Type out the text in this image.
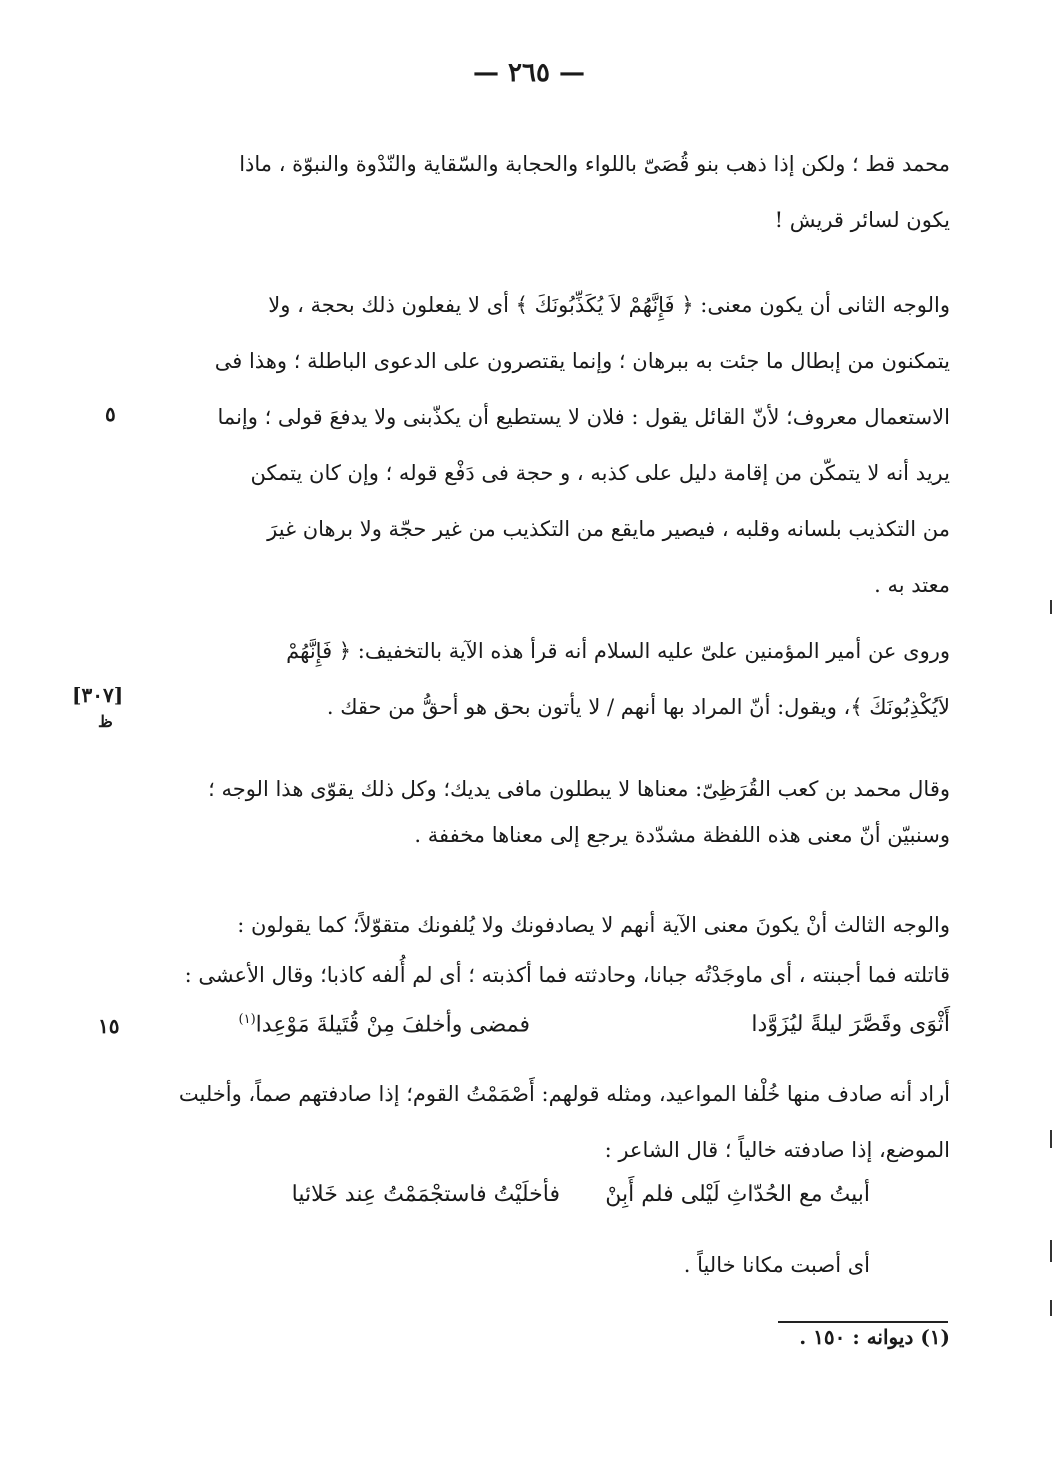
— ٢٦٥ —
محمد قط ؛ ولكن إذا ذهب بنو قُصَىّ باللواء والحجابة والسّقاية والنّدْوة والنبوّة ، ماذا
يكون لسائر قريش !
والوجه الثانى أن يكون معنى: ﴿ فَإِنَّهُمْ لاَ يُكَذِّبُونَكَ ﴾ أى لا يفعلون ذلك بحجة ، ولا
يتمكنون من إبطال ما جئت به ببرهان ؛ وإنما يقتصرون على الدعوى الباطلة ؛ وهذا فى
الاستعمال معروف؛ لأنّ القائل يقول : فلان لا يستطيع أن يكذّبنى ولا يدفعَ قولى ؛ وإنما
يريد أنه لا يتمكّن من إقامة دليل على كذبه ، و حجة فى دَفْع قوله ؛ وإن كان يتمكن
من التكذيب بلسانه وقلبه ، فيصير مايقع من التكذيب من غير حجّة ولا برهان غيرَ
معتد به .
وروى عن أمير المؤمنين علىّ عليه السلام أنه قرأ هذه الآية بالتخفيف: ﴿ فَإِنَّهُمْ
لاَيُكْذِبُونَكَ ﴾، ويقول: أنّ المراد بها أنهم / لا يأتون بحق هو أحقُّ من حقك .
وقال محمد بن كعب القُرَظِىّ: معناها لا يبطلون مافى يديك؛ وكل ذلك يقوّى هذا الوجه ؛
وسنبيّن أنّ معنى هذه اللفظة مشدّدة يرجع إلى معناها مخففة .
والوجه الثالث أنْ يكونَ معنى الآية أنهم لا يصادفونك ولا يُلفونك متقوّلاً؛ كما يقولون :
قاتلته فما أجبنته ، أى ماوجَدْتُه جبانا، وحادثته فما أكذبته ؛ أى لم أُلفه كاذبا؛ وقال الأعشى :
أَثْوَى وقَصَّرَ ليلةً ليُزَوَّدا
فمضى وأخلفَ مِنْ قُتَيلةَ مَوْعِدا$^{(١)}$
أراد أنه صادف منها خُلْفا المواعيد، ومثله قولهم: أَصْمَمْتُ القوم؛ إذا صادفتهم صماً، وأخليت
الموضع، إذا صادفته خالياً ؛ قال الشاعر :
فأخلَيْتُ فاستجْمَمْتُ عِند خَلائيا	أبيتُ مع الحُدّاثِ لَيْلى فلم أَبِنْ
أى أصبت مكانا خالياً .
٥
١٥
[٣٠٧]
ظ
(١) ديوانه : ١٥٠ .
